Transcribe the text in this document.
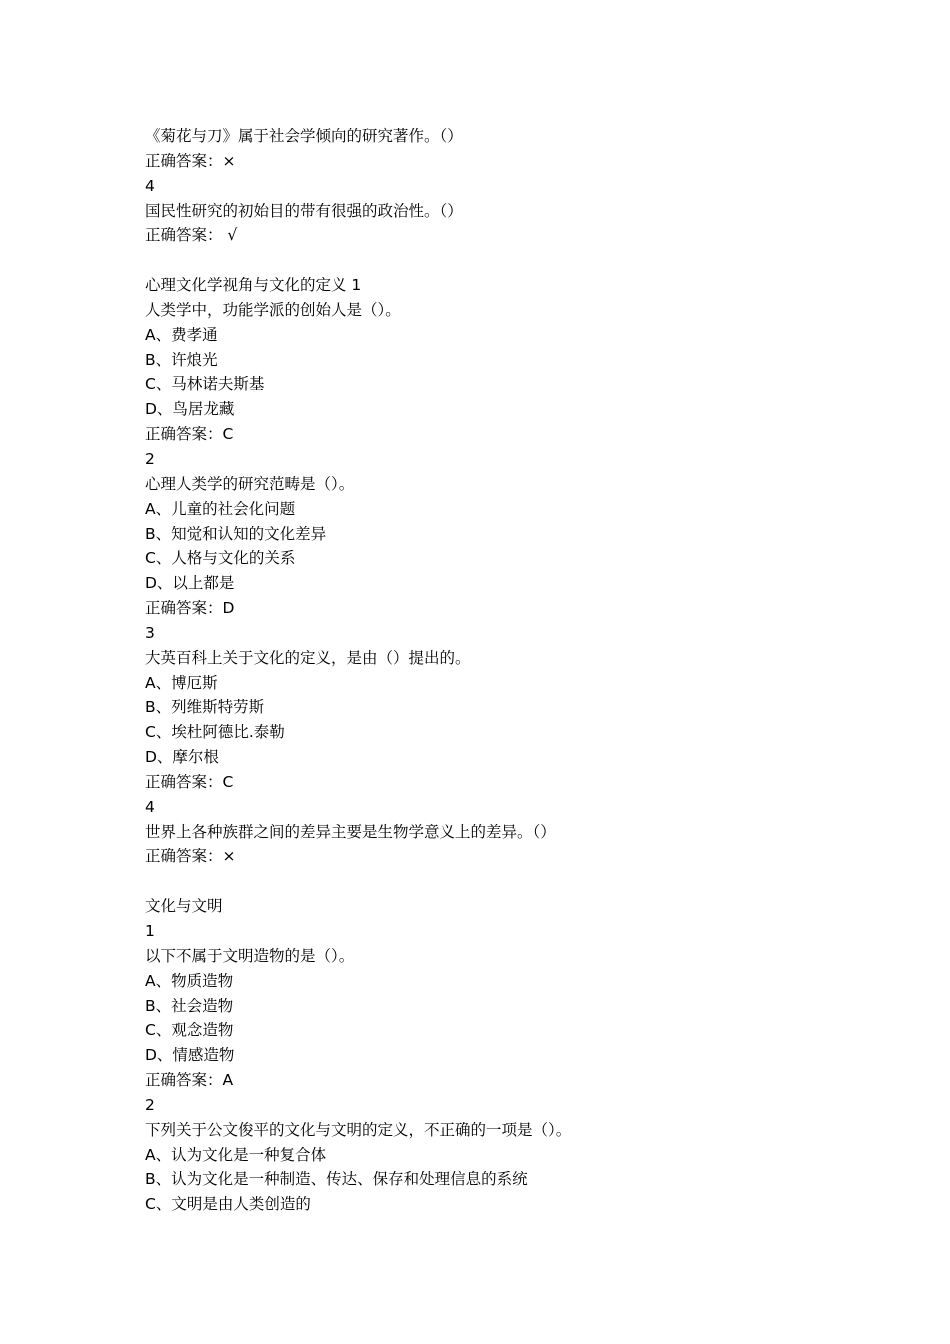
《菊花与刀》属于社会学倾向的研究著作。（）
正确答案：×
4
国民性研究的初始目的带有很强的政治性。（）
正确答案： √
心理文化学视角与文化的定义 1
人类学中，功能学派的创始人是（）。
A、费孝通
B、许烺光
C、马林诺夫斯基
D、鸟居龙藏
正确答案：C
2
心理人类学的研究范畴是（）。
A、儿童的社会化问题
B、知觉和认知的文化差异
C、人格与文化的关系
D、以上都是
正确答案：D
3
大英百科上关于文化的定义，是由（）提出的。
A、博厄斯
B、列维斯特劳斯
C、埃杜阿德比.泰勒
D、摩尔根
正确答案：C
4
世界上各种族群之间的差异主要是生物学意义上的差异。（）
正确答案：×
文化与文明
1
以下不属于文明造物的是（）。
A、物质造物
B、社会造物
C、观念造物
D、情感造物
正确答案：A
2
下列关于公文俊平的文化与文明的定义，不正确的一项是（）。
A、认为文化是一种复合体
B、认为文化是一种制造、传达、保存和处理信息的系统
C、文明是由人类创造的
